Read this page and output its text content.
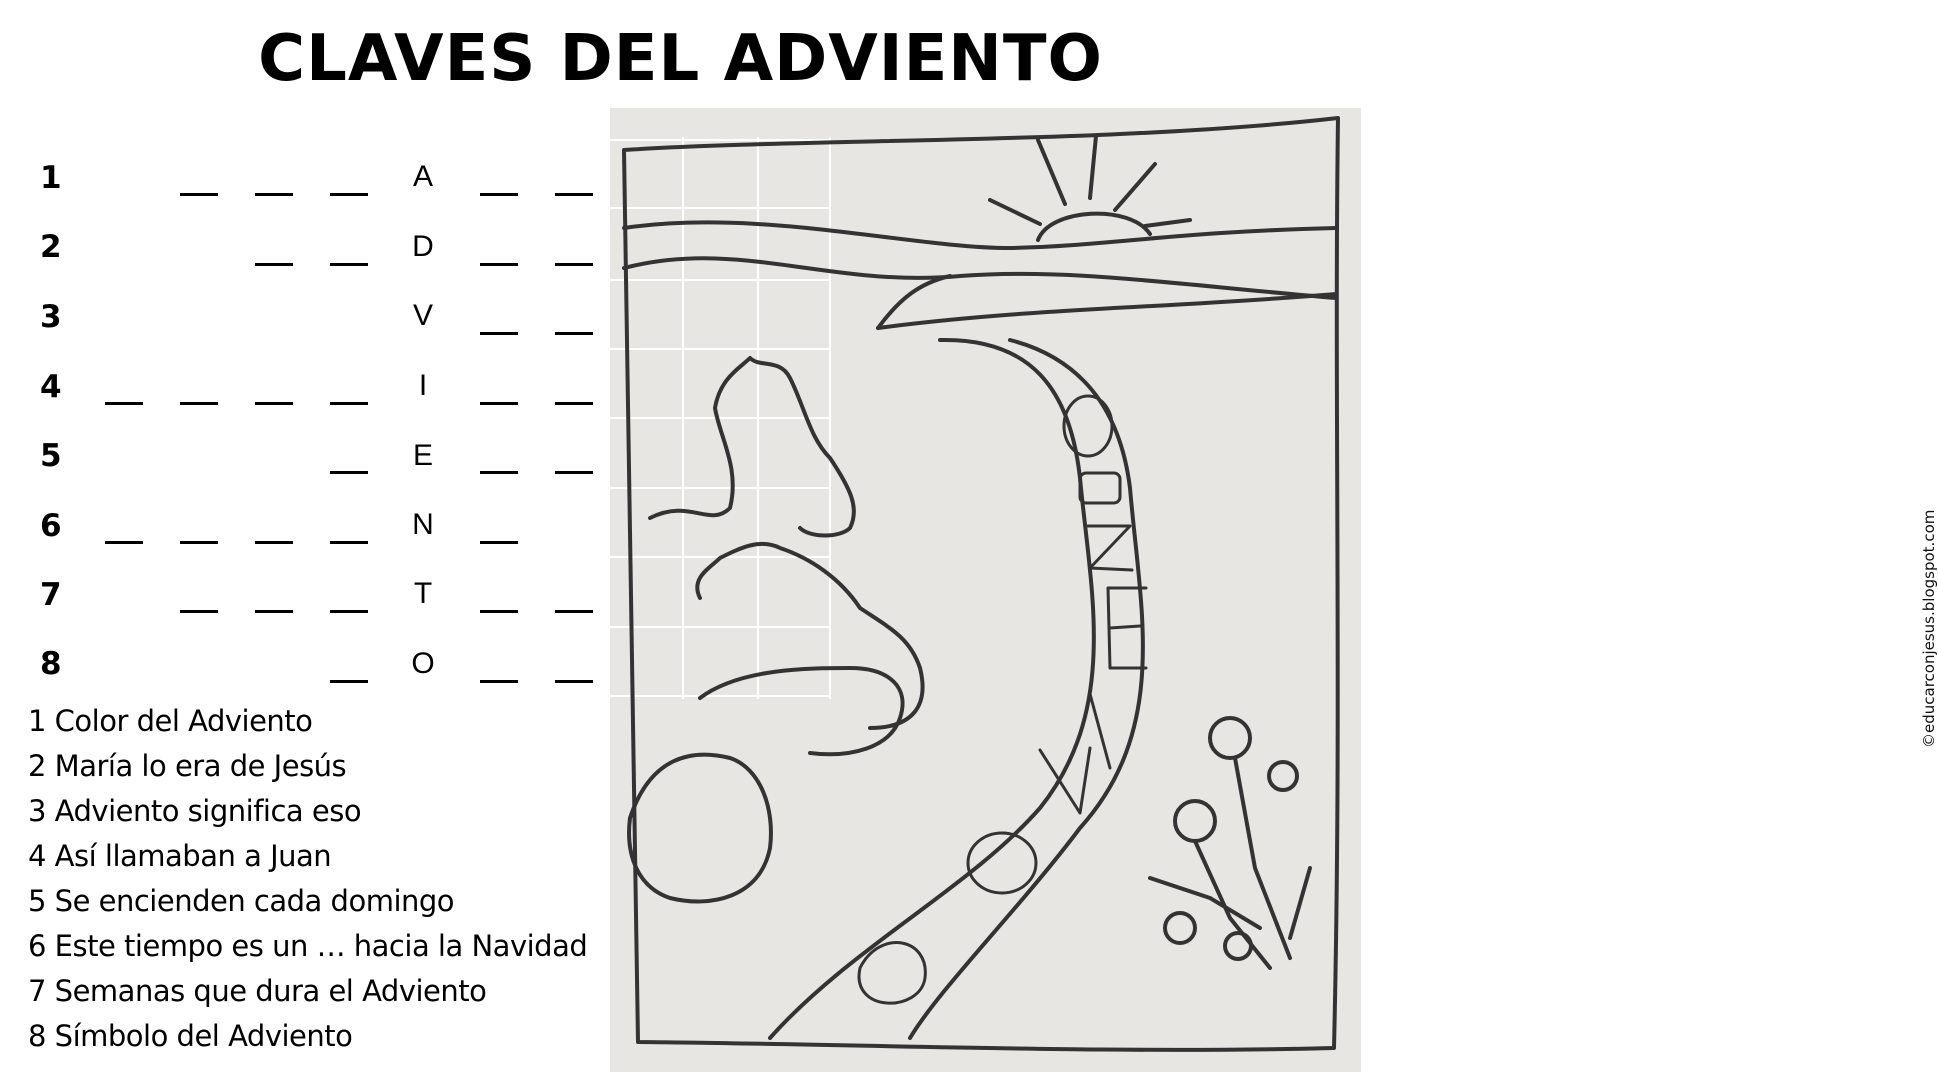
CLAVES DEL ADVIENTO
1	A
2	D
3	V
4	I
5	E
6	N
7	T
8	O
1 Color del Adviento
2 María lo era de Jesús
3 Adviento significa eso
4 Así llamaban a Juan
5 Se encienden cada domingo
6 Este tiempo es un … hacia la Navidad
7 Semanas que dura el Adviento
8 Símbolo del Adviento
©educarconjesus.blogspot.com
